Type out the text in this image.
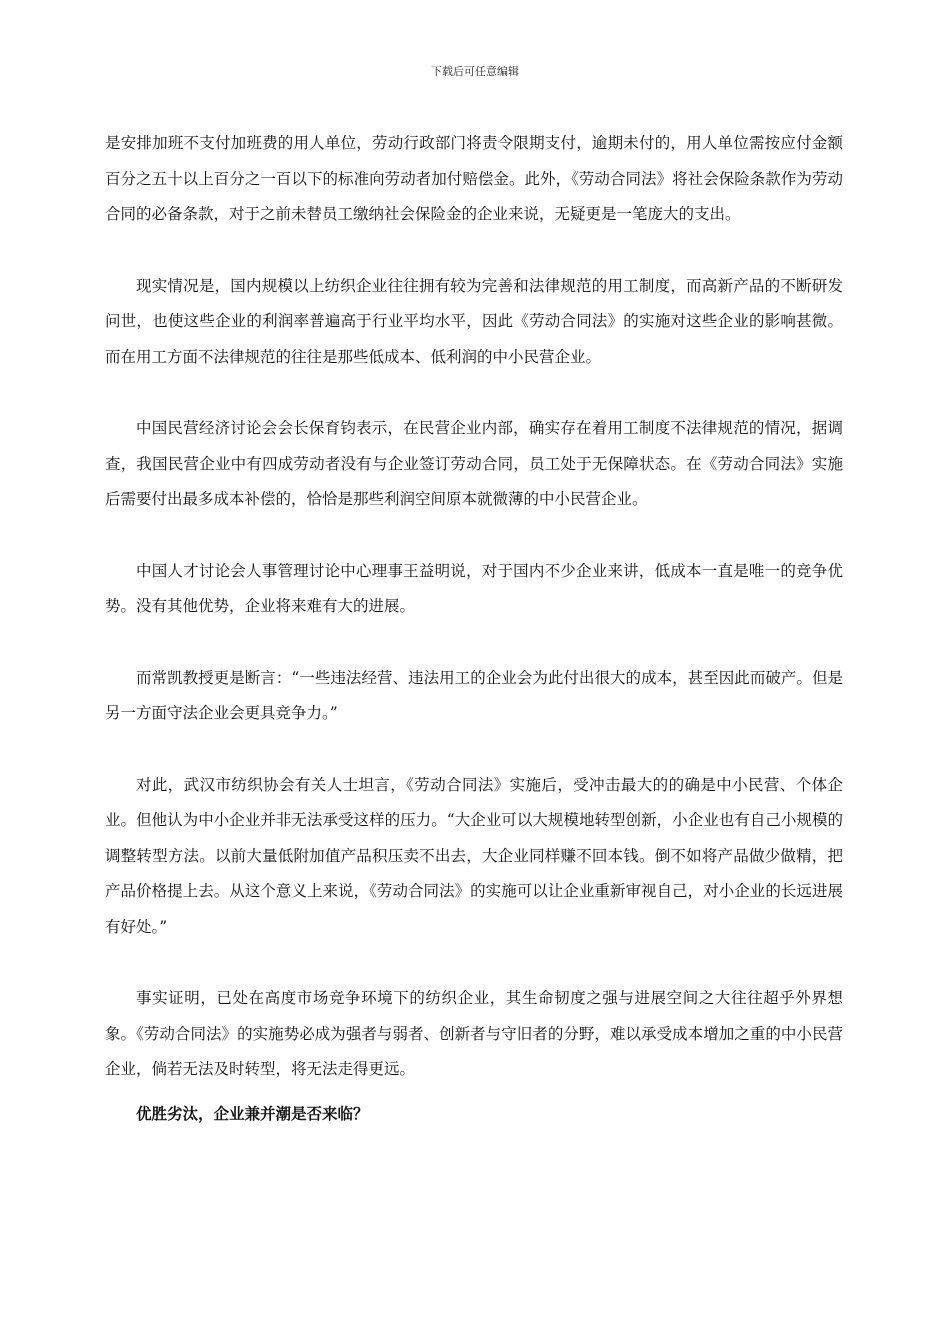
下载后可任意编辑

是安排加班不支付加班费的用人单位，劳动行政部门将责令限期支付，逾期未付的，用人单位需按应付金额百分之五十以上百分之一百以下的标准向劳动者加付赔偿金。此外，《劳动合同法》将社会保险条款作为劳动合同的必备条款，对于之前未替员工缴纳社会保险金的企业来说，无疑更是一笔庞大的支出。

现实情况是，国内规模以上纺织企业往往拥有较为完善和法律规范的用工制度，而高新产品的不断研发问世，也使这些企业的利润率普遍高于行业平均水平，因此《劳动合同法》的实施对这些企业的影响甚微。而在用工方面不法律规范的往往是那些低成本、低利润的中小民营企业。

中国民营经济讨论会会长保育钧表示，在民营企业内部，确实存在着用工制度不法律规范的情况，据调查，我国民营企业中有四成劳动者没有与企业签订劳动合同，员工处于无保障状态。在《劳动合同法》实施后需要付出最多成本补偿的，恰恰是那些利润空间原本就微薄的中小民营企业。

中国人才讨论会人事管理讨论中心理事王益明说，对于国内不少企业来讲，低成本一直是唯一的竞争优势。没有其他优势，企业将来难有大的进展。

而常凯教授更是断言：“一些违法经营、违法用工的企业会为此付出很大的成本，甚至因此而破产。但是另一方面守法企业会更具竞争力。”

对此，武汉市纺织协会有关人士坦言，《劳动合同法》实施后，受冲击最大的的确是中小民营、个体企业。但他认为中小企业并非无法承受这样的压力。“大企业可以大规模地转型创新，小企业也有自己小规模的调整转型方法。以前大量低附加值产品积压卖不出去，大企业同样赚不回本钱。倒不如将产品做少做精，把产品价格提上去。从这个意义上来说，《劳动合同法》的实施可以让企业重新审视自己，对小企业的长远进展有好处。”

事实证明，已处在高度市场竞争环境下的纺织企业，其生命韧度之强与进展空间之大往往超乎外界想象。《劳动合同法》的实施势必成为强者与弱者、创新者与守旧者的分野，难以承受成本增加之重的中小民营企业，倘若无法及时转型，将无法走得更远。

优胜劣汰，企业兼并潮是否来临？
